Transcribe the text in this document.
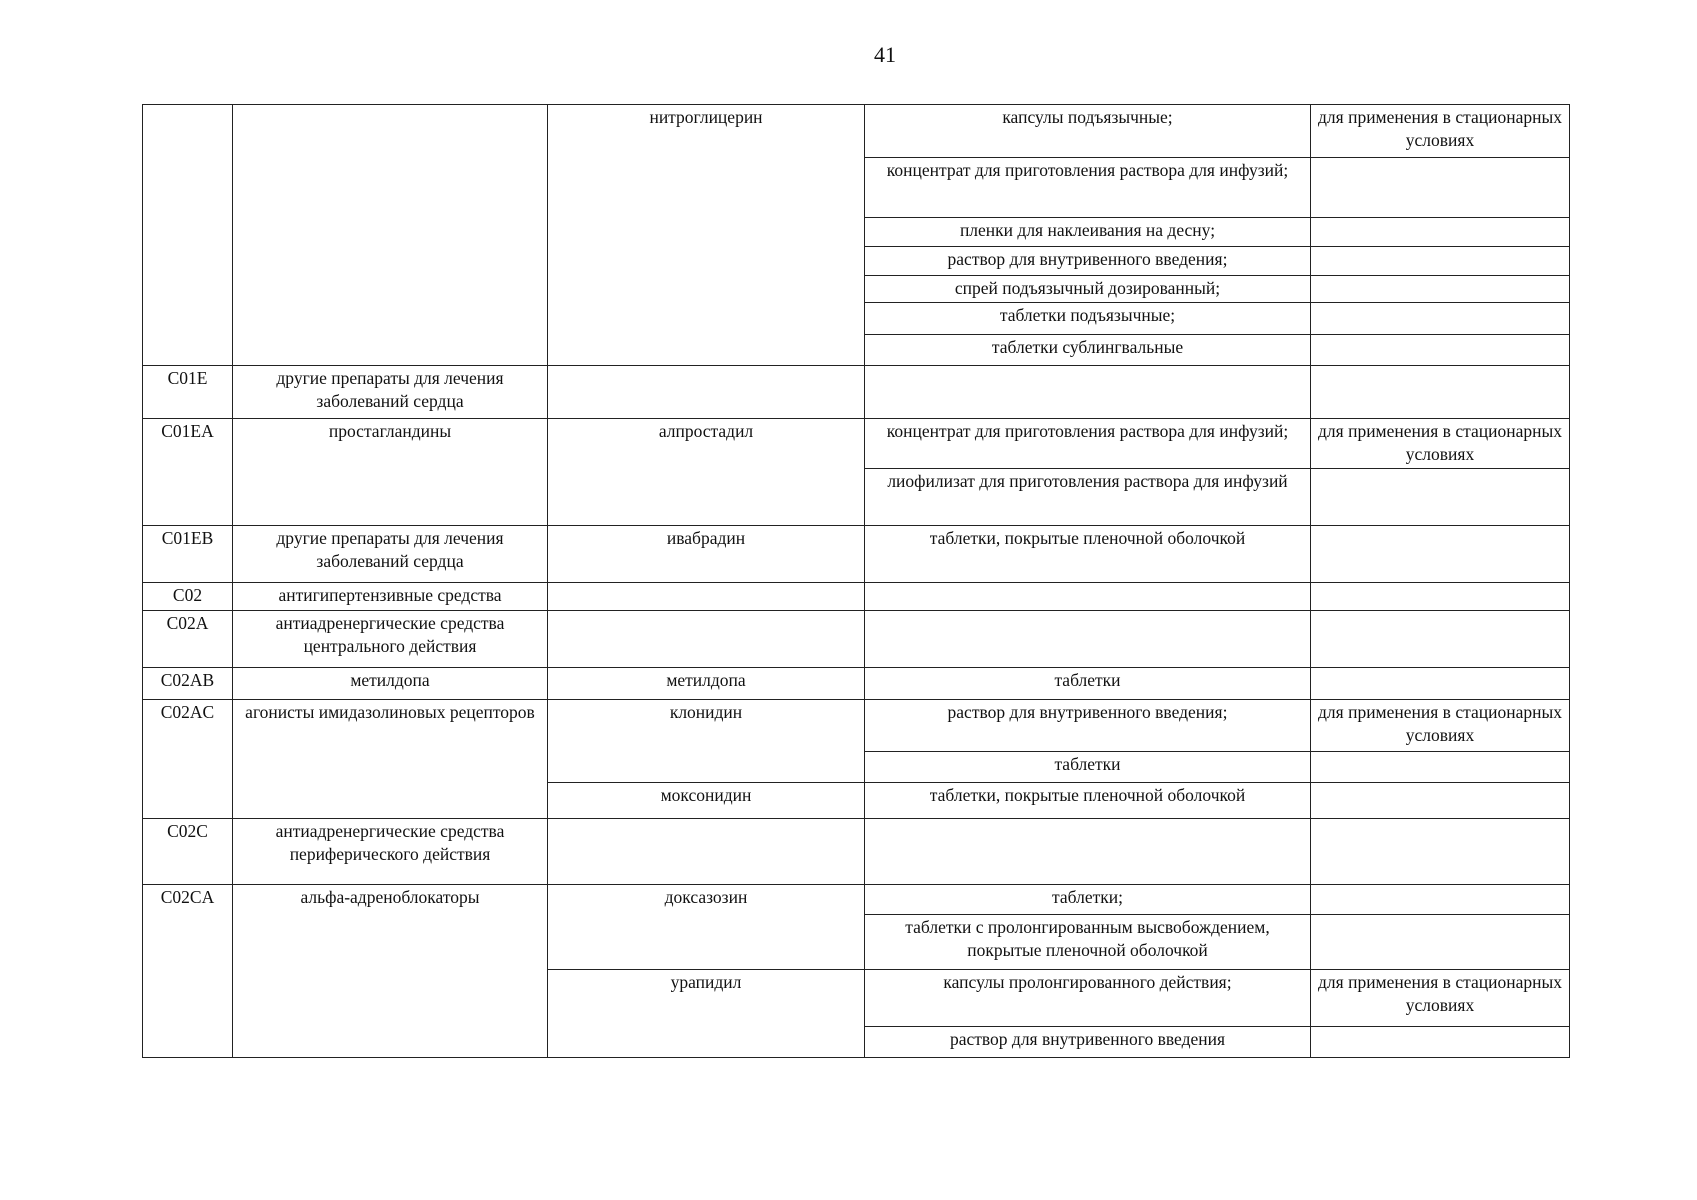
41
		нитроглицерин	капсулы подъязычные;	для применения в стационарных условиях
			концентрат для приготовления раствора для инфузий;	
			пленки для наклеивания на десну;	
			раствор для внутривенного введения;	
			спрей подъязычный дозированный;	
			таблетки подъязычные;	
			таблетки сублингвальные	
C01E	другие препараты для лечения заболеваний сердца			
C01EA	простагландины	алпростадил	концентрат для приготовления раствора для инфузий;	для применения в стационарных условиях
			лиофилизат для приготовления раствора для инфузий	
C01EB	другие препараты для лечения заболеваний сердца	ивабрадин	таблетки, покрытые пленочной оболочкой	
C02	антигипертензивные средства			
C02A	антиадренергические средства центрального действия			
C02AB	метилдопа	метилдопа	таблетки	
C02AC	агонисты имидазолиновых рецепторов	клонидин	раствор для внутривенного введения;	для применения в стационарных условиях
			таблетки	
		моксонидин	таблетки, покрытые пленочной оболочкой	
C02C	антиадренергические средства периферического действия			
C02CA	альфа-адреноблокаторы	доксазозин	таблетки;	
			таблетки с пролонгированным высвобождением, покрытые пленочной оболочкой	
		урапидил	капсулы пролонгированного действия;	для применения в стационарных условиях
			раствор для внутривенного введения	
